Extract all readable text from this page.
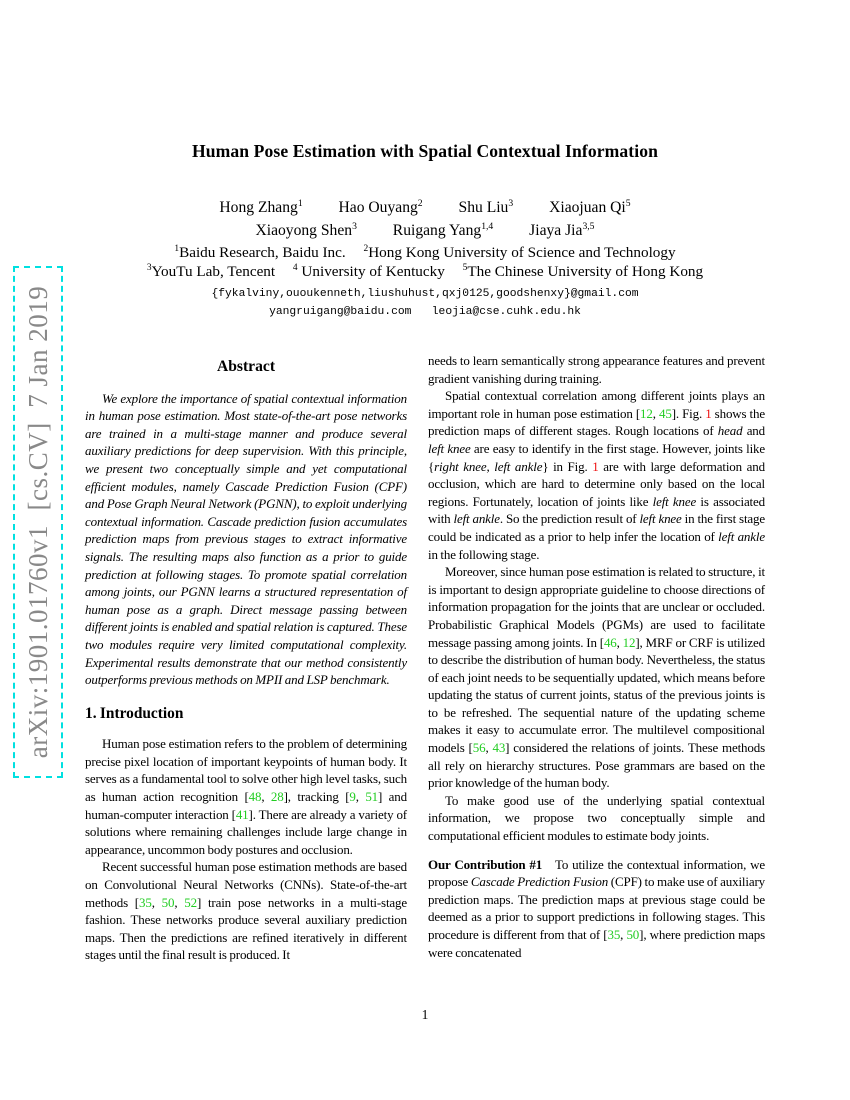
arXiv:1901.01760v1  [cs.CV]  7 Jan 2019
Human Pose Estimation with Spatial Contextual Information
Hong Zhang$^1$ Hao Ouyang$^2$ Shu Liu$^3$ Xiaojuan Qi$^5$
Xiaoyong Shen$^3$ Ruigang Yang$^{1,4}$ Jiaya Jia$^{3,5}$
$^1$Baidu Research, Baidu Inc. $^2$Hong Kong University of Science and Technology
$^3$YouTu Lab, Tencent $^4$ University of Kentucky $^5$The Chinese University of Hong Kong
{fykalviny,ououkenneth,liushuhust,qxj0125,goodshenxy}@gmail.com
yangruigang@baidu.com   leojia@cse.cuhk.edu.hk
Abstract

We explore the importance of spatial contextual information in human pose estimation. Most state-of-the-art pose networks are trained in a multi-stage manner and produce several auxiliary predictions for deep supervision. With this principle, we present two conceptually simple and yet computational efficient modules, namely Cascade Prediction Fusion (CPF) and Pose Graph Neural Network (PGNN), to exploit underlying contextual information. Cascade prediction fusion accumulates prediction maps from previous stages to extract informative signals. The resulting maps also function as a prior to guide prediction at following stages. To promote spatial correlation among joints, our PGNN learns a structured representation of human pose as a graph. Direct message passing between different joints is enabled and spatial relation is captured. These two modules require very limited computational complexity. Experimental results demonstrate that our method consistently outperforms previous methods on MPII and LSP benchmark.

1. Introduction

Human pose estimation refers to the problem of determining precise pixel location of important keypoints of human body. It serves as a fundamental tool to solve other high level tasks, such as human action recognition [48, 28], tracking [9, 51] and human-computer interaction [41]. There are already a variety of solutions where remaining challenges include large change in appearance, uncommon body postures and occlusion.

Recent successful human pose estimation methods are based on Convolutional Neural Networks (CNNs). State-of-the-art methods [35, 50, 52] train pose networks in a multi-stage fashion. These networks produce several auxiliary prediction maps. Then the predictions are refined iteratively in different stages until the final result is produced. It

needs to learn semantically strong appearance features and prevent gradient vanishing during training.

Spatial contextual correlation among different joints plays an important role in human pose estimation [12, 45]. Fig. 1 shows the prediction maps of different stages. Rough locations of head and left knee are easy to identify in the first stage. However, joints like {right knee, left ankle} in Fig. 1 are with large deformation and occlusion, which are hard to determine only based on the local regions. Fortunately, location of joints like left knee is associated with left ankle. So the prediction result of left knee in the first stage could be indicated as a prior to help infer the location of left ankle in the following stage.

Moreover, since human pose estimation is related to structure, it is important to design appropriate guideline to choose directions of information propagation for the joints that are unclear or occluded. Probabilistic Graphical Models (PGMs) are used to facilitate message passing among joints. In [46, 12], MRF or CRF is utilized to describe the distribution of human body. Nevertheless, the status of each joint needs to be sequentially updated, which means before updating the status of current joints, status of the previous joints is to be refreshed. The sequential nature of the updating scheme makes it easy to accumulate error. The multilevel compositional models [56, 43] considered the relations of joints. These methods all rely on hierarchy structures. Pose grammars are based on the prior knowledge of the human body.

To make good use of the underlying spatial contextual information, we propose two conceptually simple and computational efficient modules to estimate body joints.

Our Contribution #1 To utilize the contextual information, we propose Cascade Prediction Fusion (CPF) to make use of auxiliary prediction maps. The prediction maps at previous stage could be deemed as a prior to support predictions in following stages. This procedure is different from that of [35, 50], where prediction maps were concatenated

1
